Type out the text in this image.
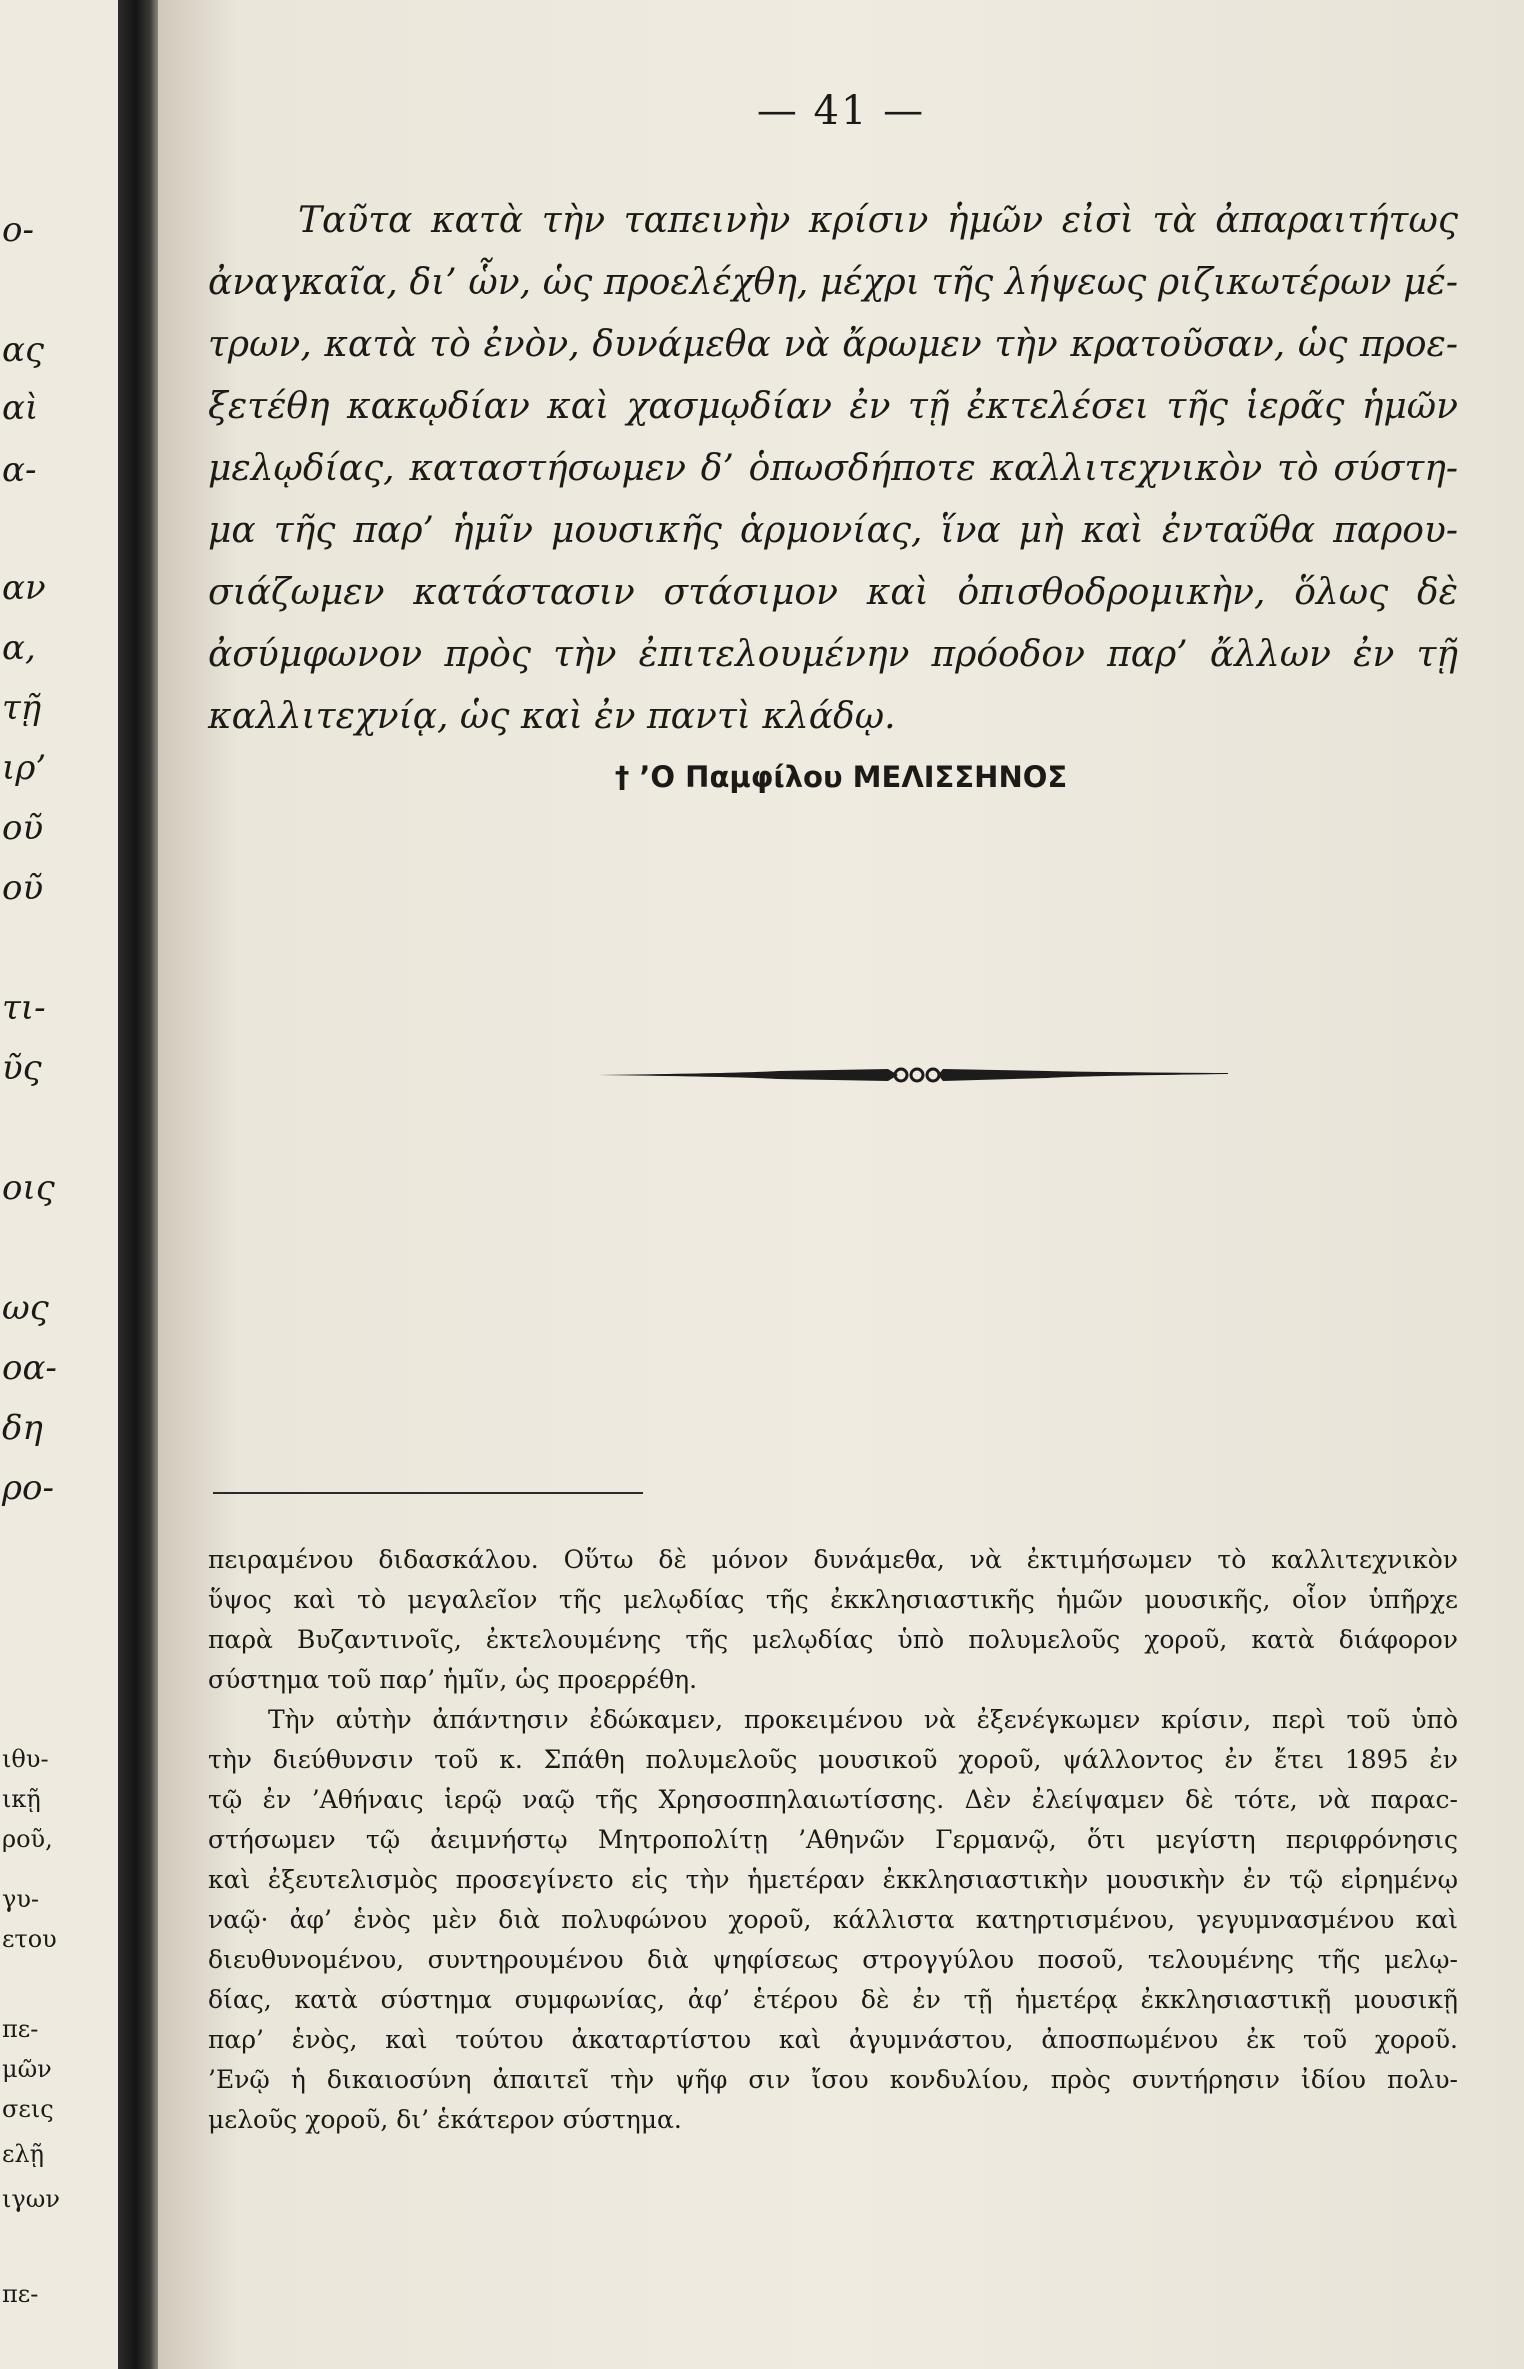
ο-
ας
αὶ
α-
αν
α,
τῇ
ιρ’
οῦ
οῦ
τι-
ῦς
οις
ως
οα-
δη
ρο-
ιθυ-
ικῇ
ροῦ,
γυ-
ετου
πε-
μῶν
σεις
ελῇ
ιγων
πε-
— 41 —
Ταῦτα κατὰ τὴν ταπεινὴν κρίσιν ἡμῶν εἰσὶ τὰ ἀπαραιτήτως
ἀναγκαῖα, δι’ ὧν, ὡς προελέχθη, μέχρι τῆς λήψεως ριζικωτέρων μέ-
τρων, κατὰ τὸ ἐνὸν, δυνάμεθα νὰ ἄρωμεν τὴν κρατοῦσαν, ὡς προε-
ξετέθη κακῳδίαν καὶ χασμῳδίαν ἐν τῇ ἐκτελέσει τῆς ἱερᾶς ἡμῶν
μελῳδίας, καταστήσωμεν δ’ ὁπωσδήποτε καλλιτεχνικὸν τὸ σύστη-
μα τῆς παρ’ ἡμῖν μουσικῆς ἁρμονίας, ἵνα μὴ καὶ ἐνταῦθα παρου-
σιάζωμεν κατάστασιν στάσιμον καὶ ὀπισθοδρομικὴν, ὅλως δὲ
ἀσύμφωνον πρὸς τὴν ἐπιτελουμένην πρόοδον παρ’ ἄλλων ἐν τῇ
καλλιτεχνίᾳ, ὡς καὶ ἐν παντὶ κλάδῳ.
† ’Ο Παμφίλου ΜΕΛΙΣΣΗΝΟΣ
πειραμένου διδασκάλου. Οὕτω δὲ μόνον δυνάμεθα, νὰ ἐκτιμήσωμεν τὸ καλλιτεχνικὸν
ὕψος καὶ τὸ μεγαλεῖον τῆς μελῳδίας τῆς ἐκκλησιαστικῆς ἡμῶν μουσικῆς, οἷον ὑπῆρχε
παρὰ Βυζαντινοῖς, ἐκτελουμένης τῆς μελῳδίας ὑπὸ πολυμελοῦς χοροῦ, κατὰ διάφορον
σύστημα τοῦ παρ’ ἡμῖν, ὡς προερρέθη.
Τὴν αὐτὴν ἀπάντησιν ἐδώκαμεν, προκειμένου νὰ ἐξενέγκωμεν κρίσιν, περὶ τοῦ ὑπὸ
τὴν διεύθυνσιν τοῦ κ. Σπάθη πολυμελοῦς μουσικοῦ χοροῦ, ψάλλοντος ἐν ἔτει 1895 ἐν
τῷ ἐν ’Αθήναις ἱερῷ ναῷ τῆς Χρησοσπηλαιωτίσσης. Δὲν ἐλείψαμεν δὲ τότε, νὰ παραc-
στήσωμεν τῷ ἀειμνήστῳ Μητροπολίτῃ ’Αθηνῶν Γερμανῷ, ὅτι μεγίστη περιφρόνησις
καὶ ἐξευτελισμὸς προσεγίνετο εἰς τὴν ἡμετέραν ἐκκλησιαστικὴν μουσικὴν ἐν τῷ εἰρημένῳ
ναῷ· ἀφ’ ἑνὸς μὲν διὰ πολυφώνου χοροῦ, κάλλιστα κατηρτισμένου, γεγυμνασμένου καὶ
διευθυνομένου, συντηρουμένου διὰ ψηφίσεως στρογγύλου ποσοῦ, τελουμένης τῆς μελῳ-
δίας, κατὰ σύστημα συμφωνίας, ἀφ’ ἑτέρου δὲ ἐν τῇ ἡμετέρᾳ ἐκκλησιαστικῇ μουσικῇ
παρ’ ἑνὸς, καὶ τούτου ἀκαταρτίστου καὶ ἀγυμνάστου, ἀποσπωμένου ἐκ τοῦ χοροῦ.
’Ενῷ ἡ δικαιοσύνη ἀπαιτεῖ τὴν ψῆφ σιν ἴσου κονδυλίου, πρὸς συντήρησιν ἰδίου πολυ-
μελοῦς χοροῦ, δι’ ἑκάτερον σύστημα.
